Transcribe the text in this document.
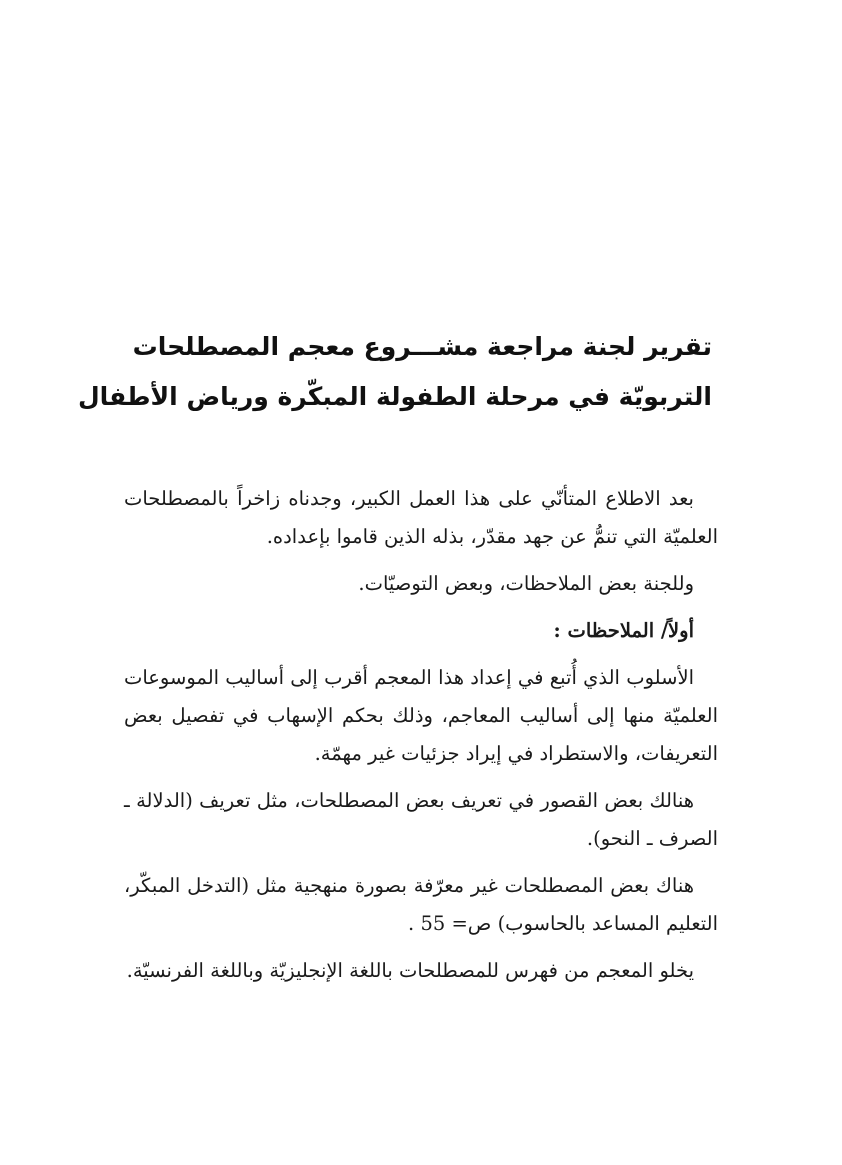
تقرير لجنة مراجعة مشـــروع معجم المصطلحات
التربويّة في مرحلة الطفولة المبكّرة ورياض الأطفال

بعد الاطلاع المتأنّي على هذا العمل الكبير، وجدناه زاخراً بالمصطلحات العلميّة التي تنمُّ عن جهد مقدّر، بذله الذين قاموا بإعداده.

وللجنة بعض الملاحظات، وبعض التوصيّات.

أولاً/ الملاحظات :

الأسلوب الذي أُتبع في إعداد هذا المعجم أقرب إلى أساليب الموسوعات العلميّة منها إلى أساليب المعاجم، وذلك بحكم الإسهاب في تفصيل بعض التعريفات، والاستطراد في إيراد جزئيات غير مهمّة.

هنالك بعض القصور في تعريف بعض المصطلحات، مثل تعريف (الدلالة ـ الصرف ـ النحو).

هناك بعض المصطلحات غير معرّفة بصورة منهجية مثل (التدخل المبكّر، التعليم المساعد بالحاسوب) ص= 55 .

يخلو المعجم من فهرس للمصطلحات باللغة الإنجليزيّة وباللغة الفرنسيّة.
